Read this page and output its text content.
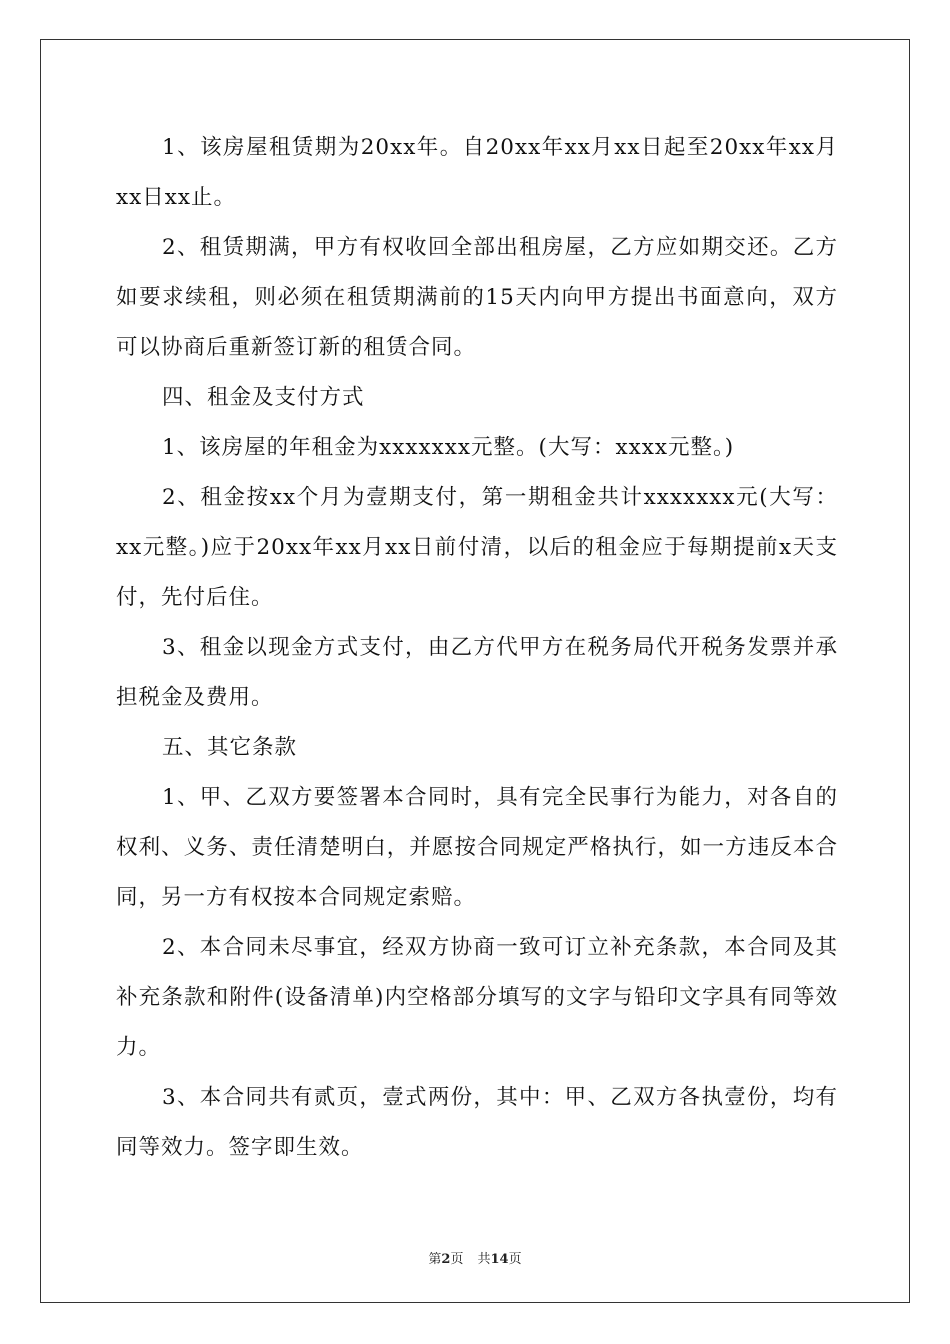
1、该房屋租赁期为20xx年。自20xx年xx月xx日起至20xx年xx月xx日xx止。

2、租赁期满，甲方有权收回全部出租房屋，乙方应如期交还。乙方如要求续租，则必须在租赁期满前的15天内向甲方提出书面意向，双方可以协商后重新签订新的租赁合同。

四、租金及支付方式

1、该房屋的年租金为xxxxxxx元整。(大写：xxxx元整。)

2、租金按xx个月为壹期支付，第一期租金共计xxxxxxx元(大写：xx元整。)应于20xx年xx月xx日前付清，以后的租金应于每期提前x天支付，先付后住。

3、租金以现金方式支付，由乙方代甲方在税务局代开税务发票并承担税金及费用。

五、其它条款

1、甲、乙双方要签署本合同时，具有完全民事行为能力，对各自的权利、义务、责任清楚明白，并愿按合同规定严格执行，如一方违反本合同，另一方有权按本合同规定索赔。

2、本合同未尽事宜，经双方协商一致可订立补充条款，本合同及其补充条款和附件(设备清单)内空格部分填写的文字与铅印文字具有同等效力。

3、本合同共有贰页，壹式两份，其中：甲、乙双方各执壹份，均有同等效力。签字即生效。

第2页 共14页
